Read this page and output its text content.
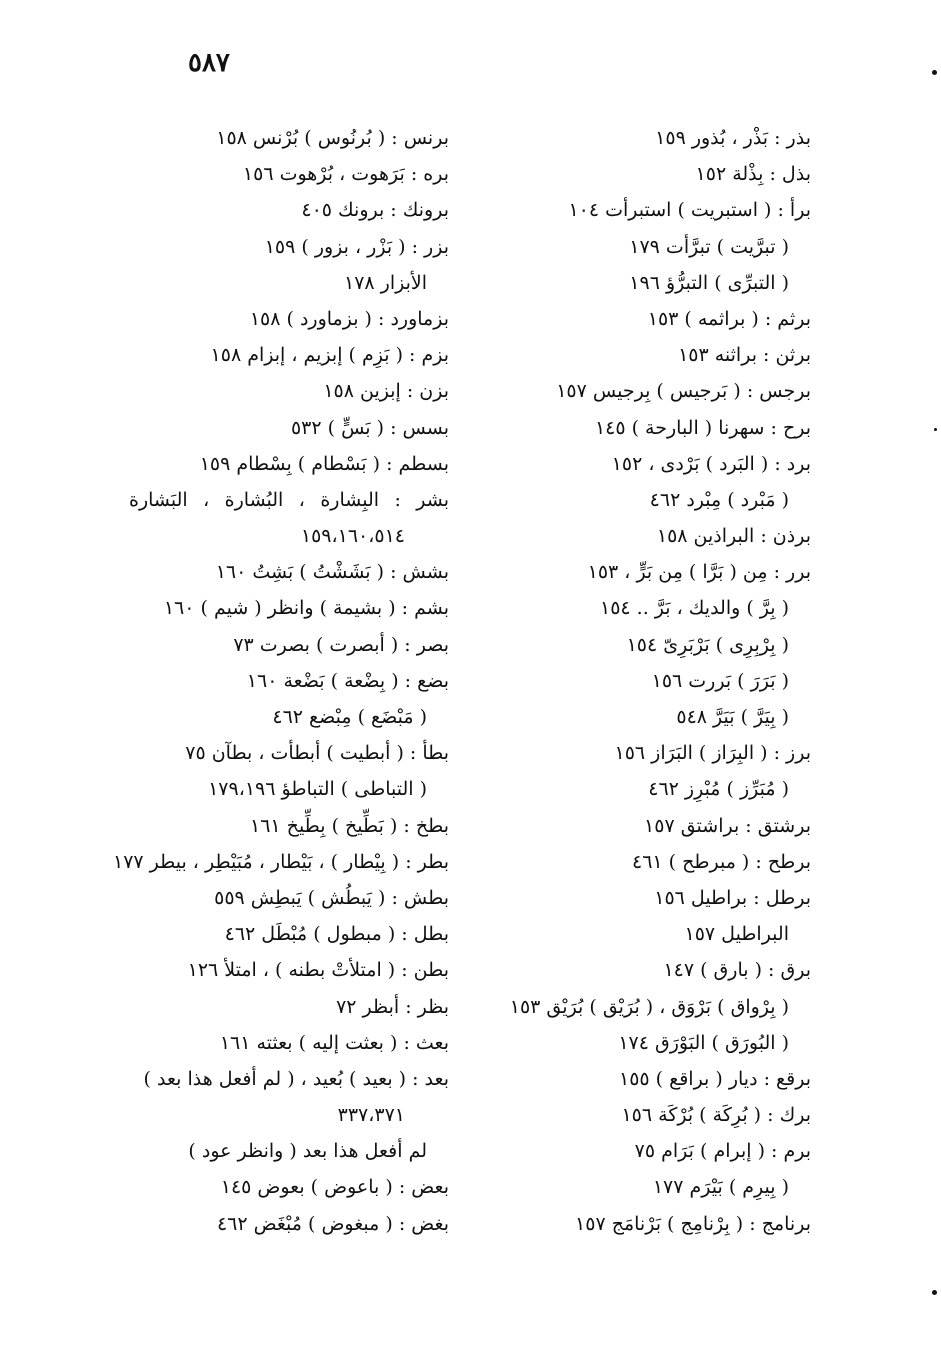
٥٨٧
بذر : بَذْر ، بُذور ١٥٩
بذل : بِذْلة ١٥٢
برأ : ( استبريت ) استبرأت ١٠٤
( تبرَّيت ) تبرَّأت ١٧٩
( التبرِّى ) التبرُّؤ ١٩٦
برثم : ( براثمه ) ١٥٣
برثن : براثنه ١٥٣
برجس : ( بَرجيس ) بِرجيس ١٥٧
برح : سهرنا ( البارحة ) ١٤٥
برد : ( البَرد ) بَرْدى ، ١٥٢
( مَبْرد ) مِبْرد ٤٦٢
برذن : البراذين ١٥٨
برر : مِن ( بَرَّا ) مِن بَرٍّ ، ١٥٣
( بِرَّ ) والديك ، بَرَّ .. ١٥٤
( بِرْبِرِى ) بَرْبَرِىّ ١٥٤
( بَرَرَ ) بَررت ١٥٦
( بِيَرَّ ) بَيَرَّ ٥٤٨
برز : ( البِرَاز ) البَرَاز ١٥٦
( مُبَرِّز ) مُبْرِز ٤٦٢
برشتق : براشتق ١٥٧
برطح : ( مبرطح ) ٤٦١
برطل : براطيل ١٥٦
البراطيل ١٥٧
برق : ( بارق ) ١٤٧
( بِرْواق ) بَرْوَق ، ( بُرَيْق ) بُرَيْق ١٥٣
( البُورَق ) البَوْرَق ١٧٤
برقع : ديار ( براقع ) ١٥٥
برك : ( بُرِكَة ) بُرْكَة ١٥٦
برم : ( إبرام ) بَرَام ٧٥
( بِيرِم ) بَيْرَم ١٧٧
برنامج : ( بِرْنامِج ) بَرْنامَج ١٥٧
برنس : ( بُرنُوس ) بُرْنس ١٥٨
بره : بَرَهوت ، بُرْهوت ١٥٦
برونك : برونك ٤٠٥
بزر : ( بَزْر ، بزور ) ١٥٩
الأبزار ١٧٨
بزماورد : ( بزماورد ) ١٥٨
بزم : ( بَزِم ) إبزيم ، إبزام ١٥٨
بزن : إبزين ١٥٨
بسس : ( بَسٍّ ) ٥٣٢
بسطم : ( بَسْطام ) بِسْطام ١٥٩
بشر : البِشارة ، البُشارة ، البَشارة
١٥٩،١٦٠،٥١٤
بشش : ( بَشَشْتُ ) بَشِتُ ١٦٠
بشم : ( بشيمة ) وانظر ( شيم ) ١٦٠
بصر : ( أبصرت ) بصرت ٧٣
بضع : ( بِضْعة ) بَضْعة ١٦٠
( مَبْضَع ) مِبْضع ٤٦٢
بطأ : ( أبطيت ) أبطأت ، بطآن ٧٥
( التباطى ) التباطؤ ١٧٩،١٩٦
بطخ : ( بَطِّيخ ) بِطِّيخ ١٦١
بطر : ( بِيْطار ) ، بَيْطار ، مُبَيْطِر ، بيطر ١٧٧
بطش : ( يَبطُش ) يَبطِش ٥٥٩
بطل : ( مبطول ) مُبْطَل ٤٦٢
بطن : ( امتلأتْ بطنه ) ، امتلأ ١٢٦
بظر : أبظر ٧٢
بعث : ( بعثت إليه ) بعثته ١٦١
بعد : ( بعيد ) بُعيد ، ( لم أفعل هذا بعد )
٣٣٧،٣٧١
لم أفعل هذا بعد ( وانظر عود )
بعض : ( باعوض ) بعوض ١٤٥
بغض : ( مبغوض ) مُبْغَض ٤٦٢
